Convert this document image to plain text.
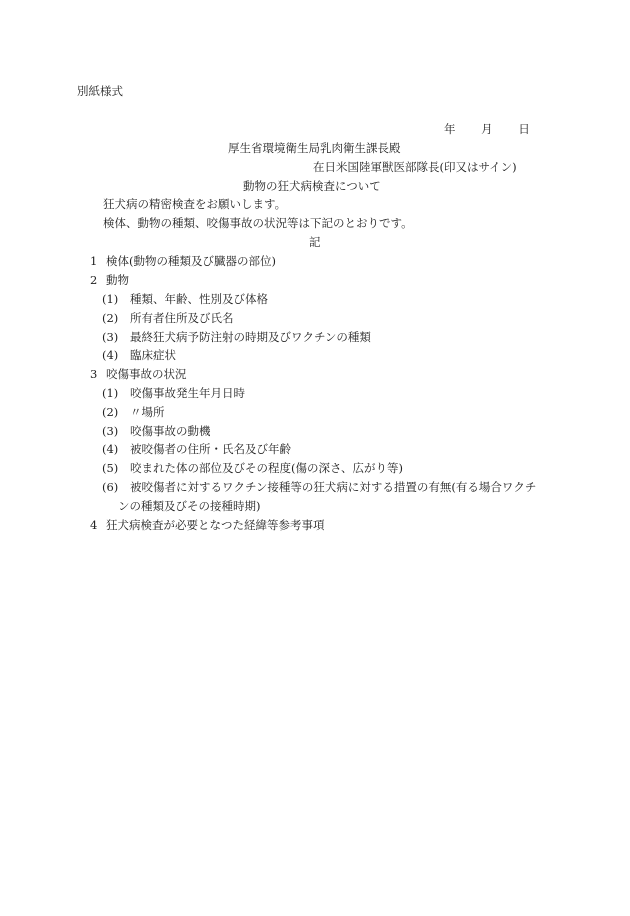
別紙様式
年 月 日
厚生省環境衛生局乳肉衛生課長殿
在日米国陸軍獣医部隊長(印又はサイン)
動物の狂犬病検査について
狂犬病の精密検査をお願いします。
検体、動物の種類、咬傷事故の状況等は下記のとおりです。
記
1 検体(動物の種類及び臓器の部位)
2 動物
(1) 種類、年齢、性別及び体格
(2) 所有者住所及び氏名
(3) 最終狂犬病予防注射の時期及びワクチンの種類
(4) 臨床症状
3 咬傷事故の状況
(1) 咬傷事故発生年月日時
(2) 〃場所
(3) 咬傷事故の動機
(4) 被咬傷者の住所・氏名及び年齢
(5) 咬まれた体の部位及びその程度(傷の深さ、広がり等)
(6) 被咬傷者に対するワクチン接種等の狂犬病に対する措置の有無(有る場合ワクチ
ンの種類及びその接種時期)
4 狂犬病検査が必要となつた経緯等参考事項
